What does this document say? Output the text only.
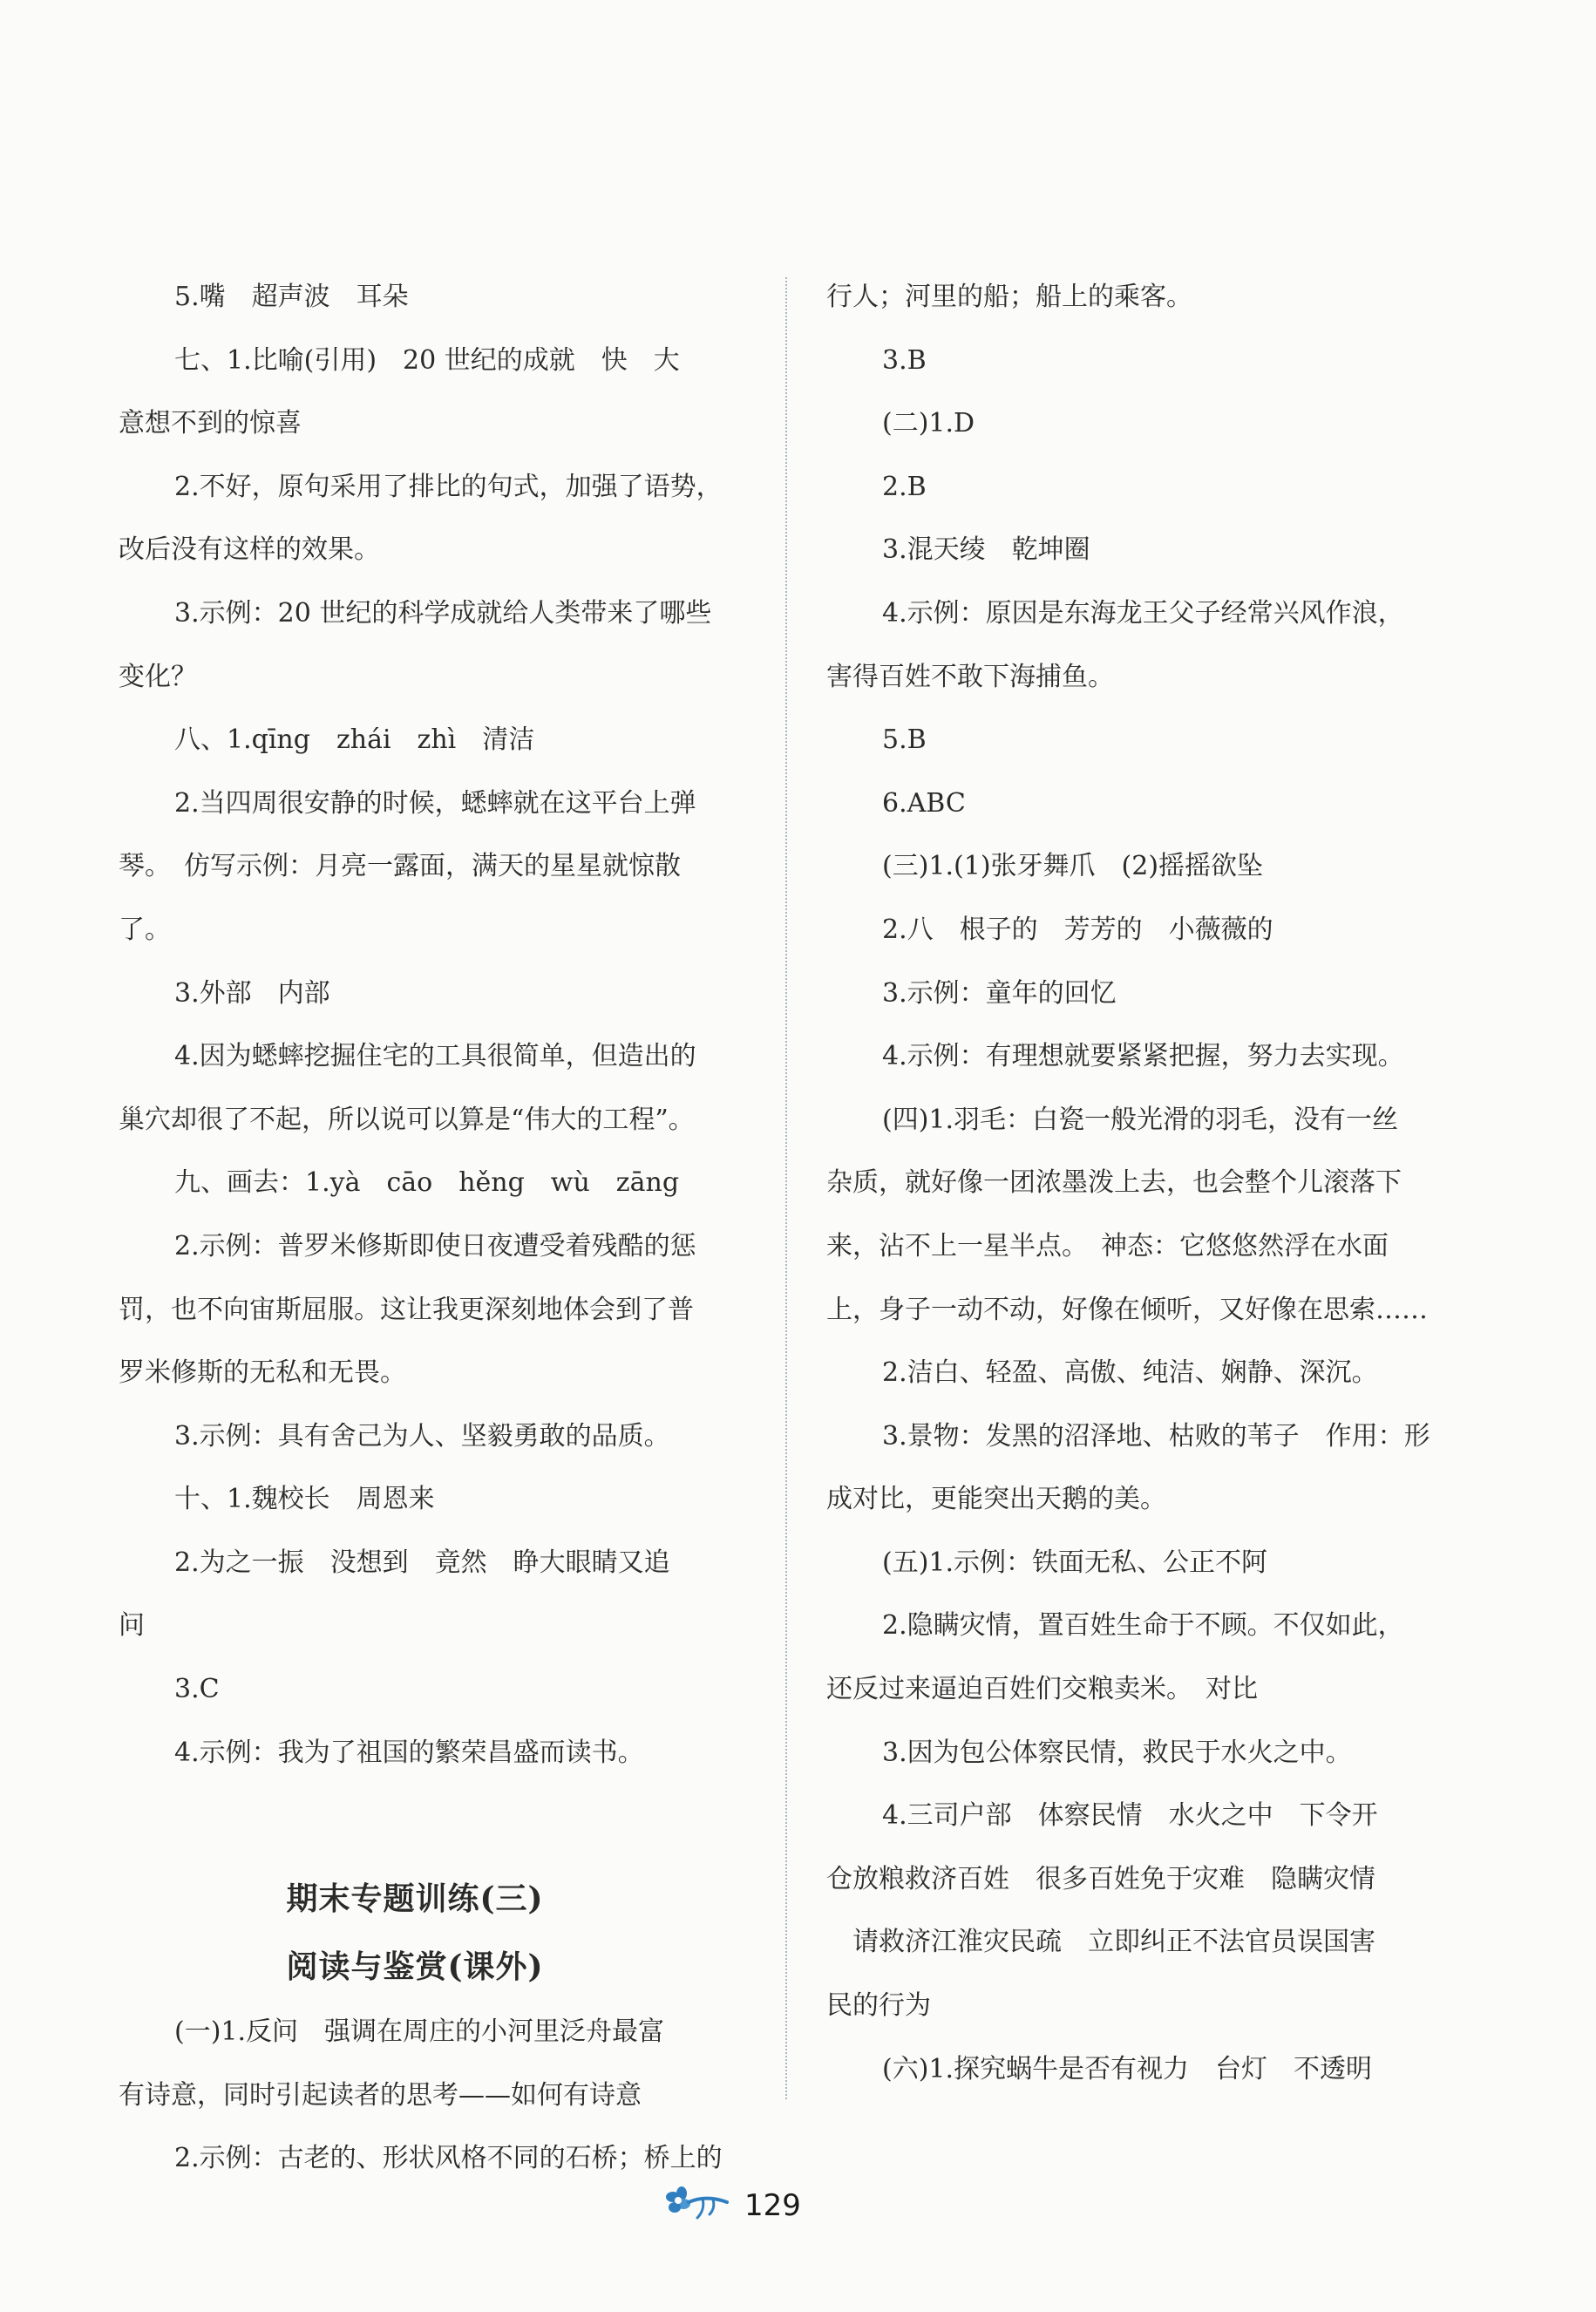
5.嘴　超声波　耳朵
七、1.比喻(引用)　20 世纪的成就　快　大
意想不到的惊喜
2.不好，原句采用了排比的句式，加强了语势，
改后没有这样的效果。
3.示例：20 世纪的科学成就给人类带来了哪些
变化？
八、1.qīng　zhái　zhì　清洁
2.当四周很安静的时候，蟋蟀就在这平台上弹
琴。　仿写示例：月亮一露面，满天的星星就惊散
了。
3.外部　内部
4.因为蟋蟀挖掘住宅的工具很简单，但造出的
巢穴却很了不起，所以说可以算是“伟大的工程”。
九、画去：1.yà　cāo　hěng　wù　zāng
2.示例：普罗米修斯即使日夜遭受着残酷的惩
罚，也不向宙斯屈服。这让我更深刻地体会到了普
罗米修斯的无私和无畏。
3.示例：具有舍己为人、坚毅勇敢的品质。
十、1.魏校长　周恩来
2.为之一振　没想到　竟然　睁大眼睛又追
问
3.C
4.示例：我为了祖国的繁荣昌盛而读书。
期末专题训练(三)
阅读与鉴赏(课外)
(一)1.反问　强调在周庄的小河里泛舟最富
有诗意，同时引起读者的思考——如何有诗意
2.示例：古老的、形状风格不同的石桥；桥上的
行人；河里的船；船上的乘客。
3.B
(二)1.D
2.B
3.混天绫　乾坤圈
4.示例：原因是东海龙王父子经常兴风作浪，
害得百姓不敢下海捕鱼。
5.B
6.ABC
(三)1.(1)张牙舞爪　(2)摇摇欲坠
2.八　根子的　芳芳的　小薇薇的
3.示例：童年的回忆
4.示例：有理想就要紧紧把握，努力去实现。
(四)1.羽毛：白瓷一般光滑的羽毛，没有一丝
杂质，就好像一团浓墨泼上去，也会整个儿滚落下
来，沾不上一星半点。　神态：它悠悠然浮在水面
上，身子一动不动，好像在倾听，又好像在思索……
2.洁白、轻盈、高傲、纯洁、娴静、深沉。
3.景物：发黑的沼泽地、枯败的苇子　作用：形
成对比，更能突出天鹅的美。
(五)1.示例：铁面无私、公正不阿
2.隐瞒灾情，置百姓生命于不顾。不仅如此，
还反过来逼迫百姓们交粮卖米。　对比
3.因为包公体察民情，救民于水火之中。
4.三司户部　体察民情　水火之中　下令开
仓放粮救济百姓　很多百姓免于灾难　隐瞒灾情
　请救济江淮灾民疏　立即纠正不法官员误国害
民的行为
(六)1.探究蜗牛是否有视力　台灯　不透明
129
